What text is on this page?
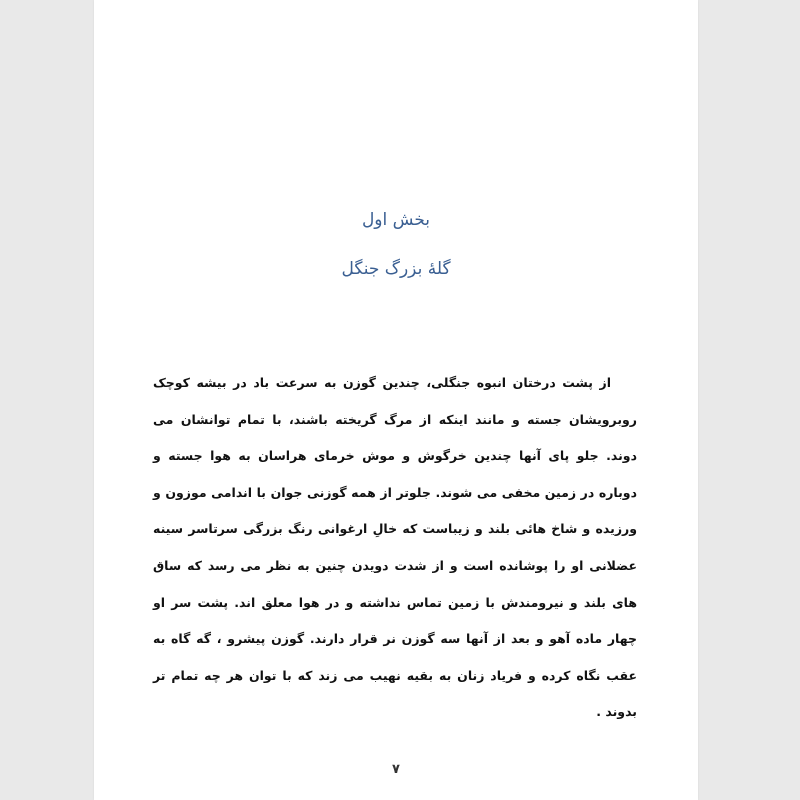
بخش اول
گلهٔ بزرگ جنگل

از پشت درختان انبوه جنگلی، چندین گوزن به سرعت باد در بیشه کوچک
روبرویشان جسته و مانند اینکه از مرگ گریخته باشند، با تمام توانشان می
دوند. جلو پای آنها چندین خرگوش و موش خرمای هراسان به هوا جسته و
دوباره در زمین مخفی می شوند. جلوتر از همه گوزنی جوان با اندامی موزون و
ورزیده و شاخ هائی بلند و زیباست که خالِ ارغوانی رنگ بزرگی سرتاسر سینه
عضلانی او را پوشانده است و از شدت دویدن چنین به نظر می رسد که ساق
های بلند و نیرومندش با زمین تماس نداشته و در هوا معلق اند. پشت سر او
چهار ماده آهو و بعد از آنها سه گوزن نر قرار دارند. گوزن پیشرو ، گه گاه به
عقب نگاه کرده و فریاد زنان به بقیه نهیب می زند که با توان هر چه تمام تر
بدوند .

۷
